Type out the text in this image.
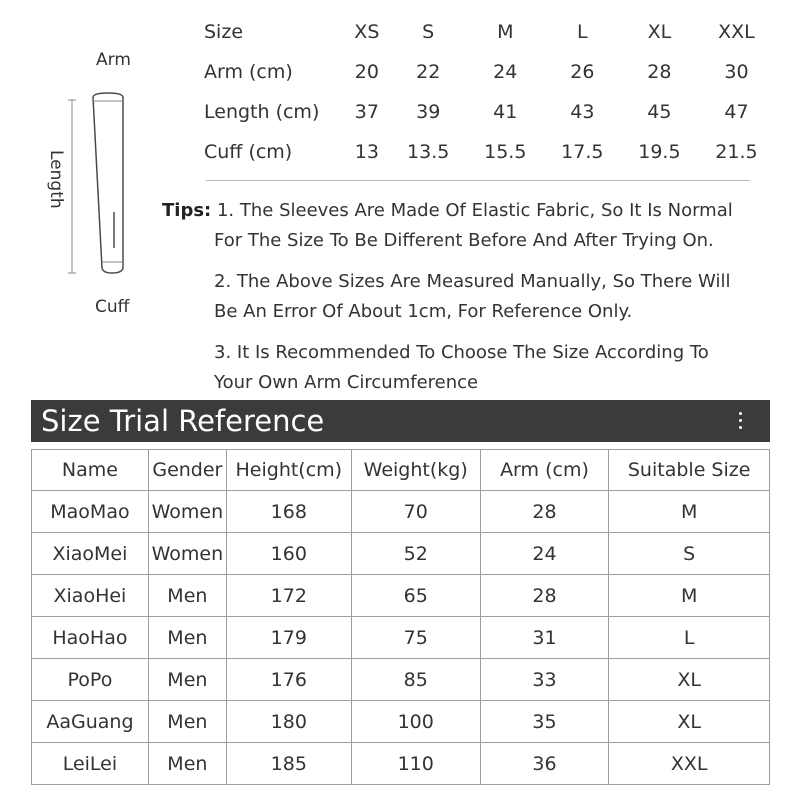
Arm
Length
Cuff
Size	XS	S	M	L	XL	XXL
Arm (cm)	20	22	24	26	28	30
Length (cm)	37	39	41	43	45	47
Cuff (cm)	13	13.5	15.5	17.5	19.5	21.5

Tips: 1. The Sleeves Are Made Of Elastic Fabric, So It Is Normal
For The Size To Be Different Before And After Trying On.

2. The Above Sizes Are Measured Manually, So There Will
Be An Error Of About 1cm, For Reference Only.

3. It Is Recommended To Choose The Size According To
Your Own Arm Circumference

Size Trial Reference
Name	Gender	Height(cm)	Weight(kg)	Arm (cm)	Suitable Size
MaoMao	Women	168	70	28	M
XiaoMei	Women	160	52	24	S
XiaoHei	Men	172	65	28	M
HaoHao	Men	179	75	31	L
PoPo	Men	176	85	33	XL
AaGuang	Men	180	100	35	XL
LeiLei	Men	185	110	36	XXL
